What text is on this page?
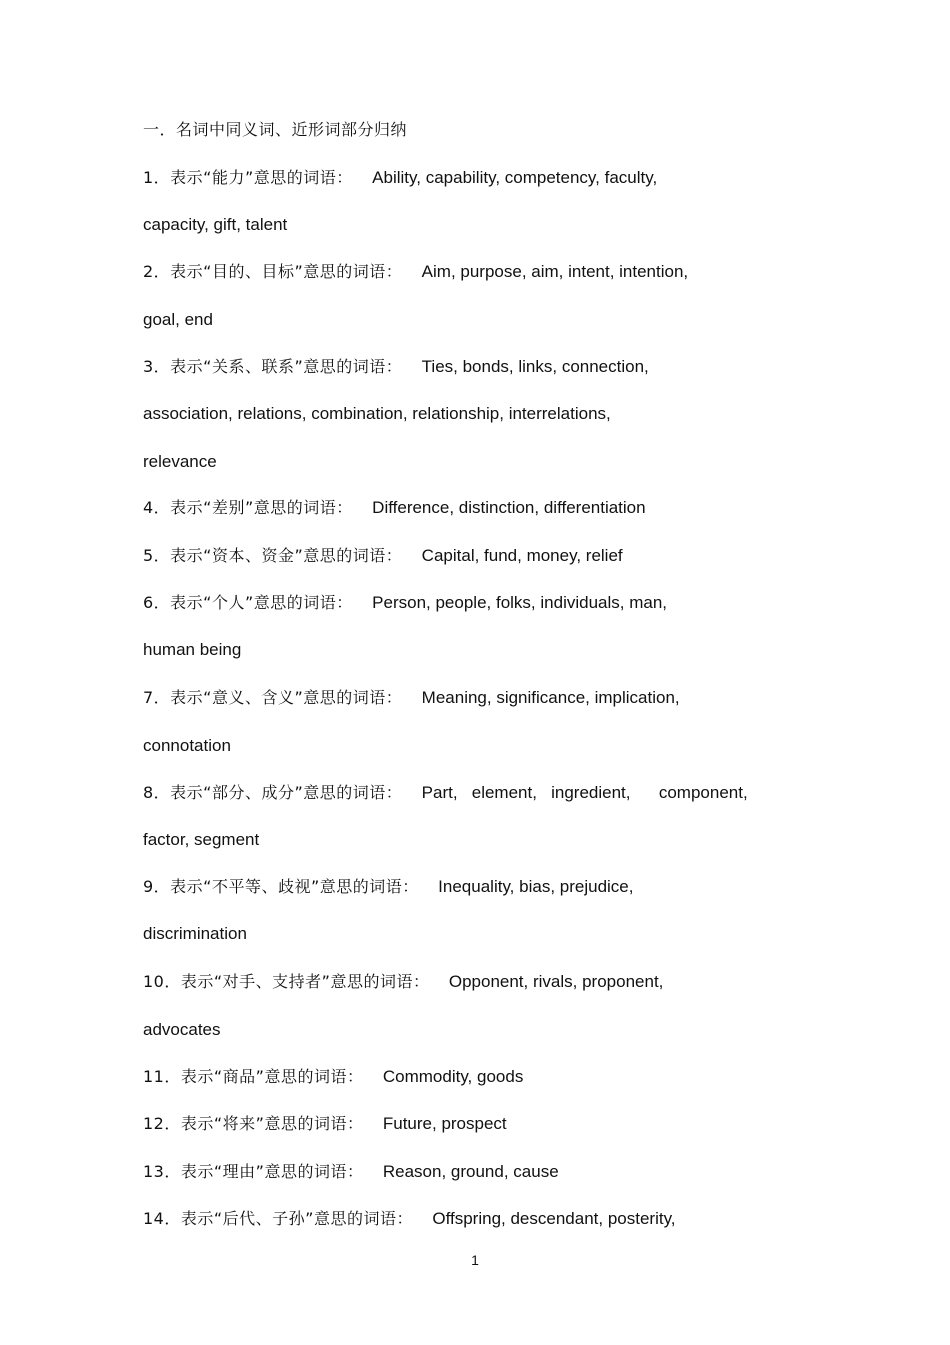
一．名词中同义词、近形词部分归纳
1．表示“能力”意思的词语： Ability, capability, competency, faculty,
capacity, gift, talent
2．表示“目的、目标”意思的词语： Aim, purpose, aim, intent, intention,
goal, end
3．表示“关系、联系”意思的词语： Ties, bonds, links, connection,
association, relations, combination, relationship, interrelations,
relevance
4．表示“差别”意思的词语： Difference, distinction, differentiation
5．表示“资本、资金”意思的词语： Capital, fund, money, relief
6．表示“个人”意思的词语： Person, people, folks, individuals, man,
human being
7．表示“意义、含义”意思的词语： Meaning, significance, implication,
connotation
8．表示“部分、成分”意思的词语： Part,   element,   ingredient,      component,
factor, segment
9．表示“不平等、歧视”意思的词语： Inequality, bias, prejudice,
discrimination
10．表示“对手、支持者”意思的词语： Opponent, rivals, proponent,
advocates
11．表示“商品”意思的词语： Commodity, goods
12．表示“将来”意思的词语： Future, prospect
13．表示“理由”意思的词语： Reason, ground, cause
14．表示“后代、子孙”意思的词语： Offspring, descendant, posterity,
1
